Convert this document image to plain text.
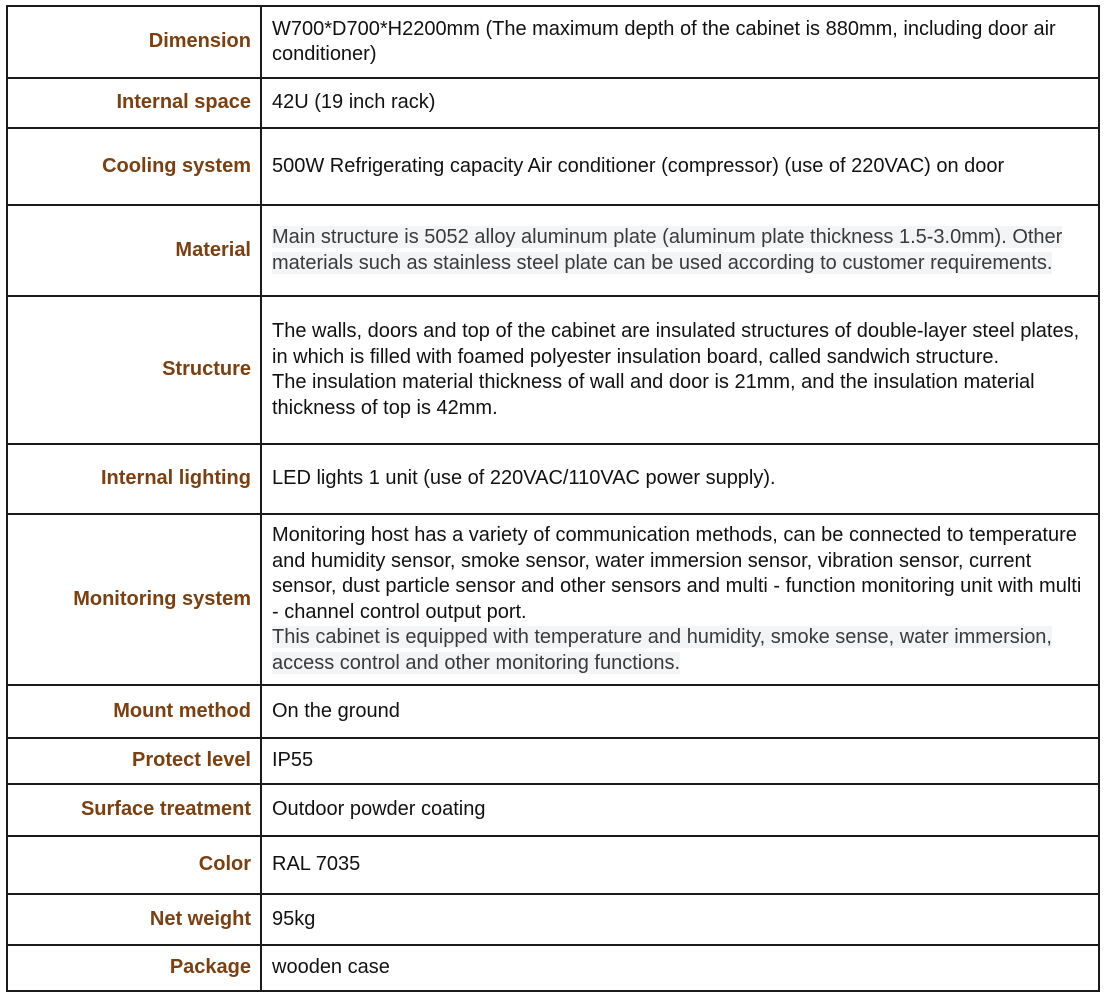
Dimension	W700*D700*H2200mm (The maximum depth of the cabinet is 880mm, including door air conditioner)
Internal space	42U (19 inch rack)
Cooling system	500W Refrigerating capacity Air conditioner (compressor) (use of 220VAC) on door
Material	Main structure is 5052 alloy aluminum plate (aluminum plate thickness 1.5-3.0mm). Other materials such as stainless steel plate can be used according to customer requirements.
Structure	The walls, doors and top of the cabinet are insulated structures of double-layer steel plates, in which is filled with foamed polyester insulation board, called sandwich structure.
The insulation material thickness of wall and door is 21mm, and the insulation material thickness of top is 42mm.

Internal lighting	LED lights 1 unit (use of 220VAC/110VAC power supply).
Monitoring system	Monitoring host has a variety of communication methods, can be connected to temperature and humidity sensor, smoke sensor, water immersion sensor, vibration sensor, current sensor, dust particle sensor and other sensors and multi - function monitoring unit with multi - channel control output port.
This cabinet is equipped with temperature and humidity, smoke sense, water immersion, access control and other monitoring functions.

Mount method	On the ground
Protect level	IP55
Surface treatment	Outdoor powder coating
Color	RAL 7035
Net weight	95kg
Package	wooden case
